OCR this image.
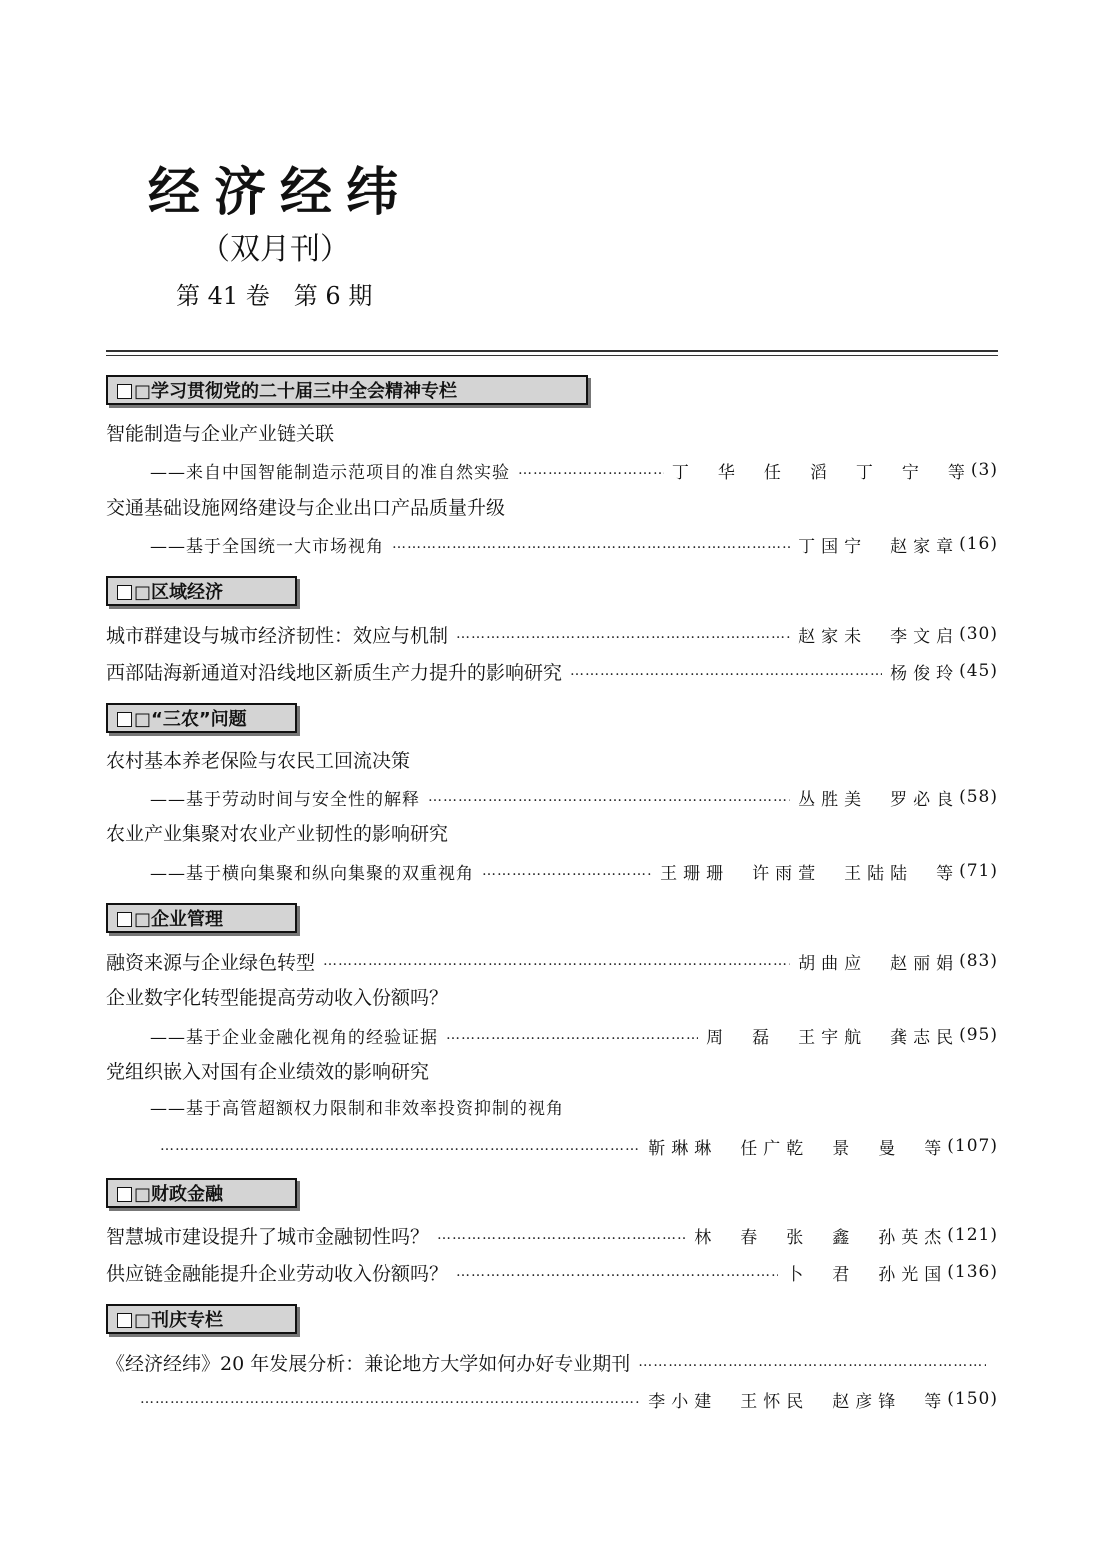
经济经纬
（双月刊）
第 41 卷　第 6 期
□学习贯彻党的二十届三中全会精神专栏
智能制造与企业产业链关联
——来自中国智能制造示范项目的准自然实验 …………………………………………………………………………………………………………………………………………………………………………………………	丁　华　任　滔　丁　宁　等 (3)
交通基础设施网络建设与企业出口产品质量升级
——基于全国统一大市场视角 …………………………………………………………………………………………………………………………………………………………………………………………	丁国宁　赵家章 (16)
□区域经济
城市群建设与城市经济韧性：效应与机制 …………………………………………………………………………………………………………………………………………………………………………………………	赵家未　李文启 (30)
西部陆海新通道对沿线地区新质生产力提升的影响研究 …………………………………………………………………………………………………………………………………………………………………………………………	杨俊玲 (45)
□“三农”问题
农村基本养老保险与农民工回流决策
——基于劳动时间与安全性的解释 …………………………………………………………………………………………………………………………………………………………………………………………	丛胜美　罗必良 (58)
农业产业集聚对农业产业韧性的影响研究
——基于横向集聚和纵向集聚的双重视角 …………………………………………………………………………………………………………………………………………………………………………………………	王珊珊　许雨萱　王陆陆　等 (71)
□企业管理
融资来源与企业绿色转型 …………………………………………………………………………………………………………………………………………………………………………………………	胡曲应　赵丽娟 (83)
企业数字化转型能提高劳动收入份额吗？
——基于企业金融化视角的经验证据 …………………………………………………………………………………………………………………………………………………………………………………………	周　磊　王宇航　龚志民 (95)
党组织嵌入对国有企业绩效的影响研究
——基于高管超额权力限制和非效率投资抑制的视角
…………………………………………………………………………………………………………………………………………………………………………………………
靳琳琳　任广乾　景　曼　等 (107)
□财政金融
智慧城市建设提升了城市金融韧性吗？ …………………………………………………………………………………………………………………………………………………………………………………………	林　春　张　鑫　孙英杰 (121)
供应链金融能提升企业劳动收入份额吗？ …………………………………………………………………………………………………………………………………………………………………………………………	卜　君　孙光国 (136)
□刊庆专栏
《经济经纬》20 年发展分析：兼论地方大学如何办好专业期刊
…………………………………………………………………………………………………………………………………………………………………………………………
…………………………………………………………………………………………………………………………………………………………………………………………
李小建　王怀民　赵彦锋　等 (150)
